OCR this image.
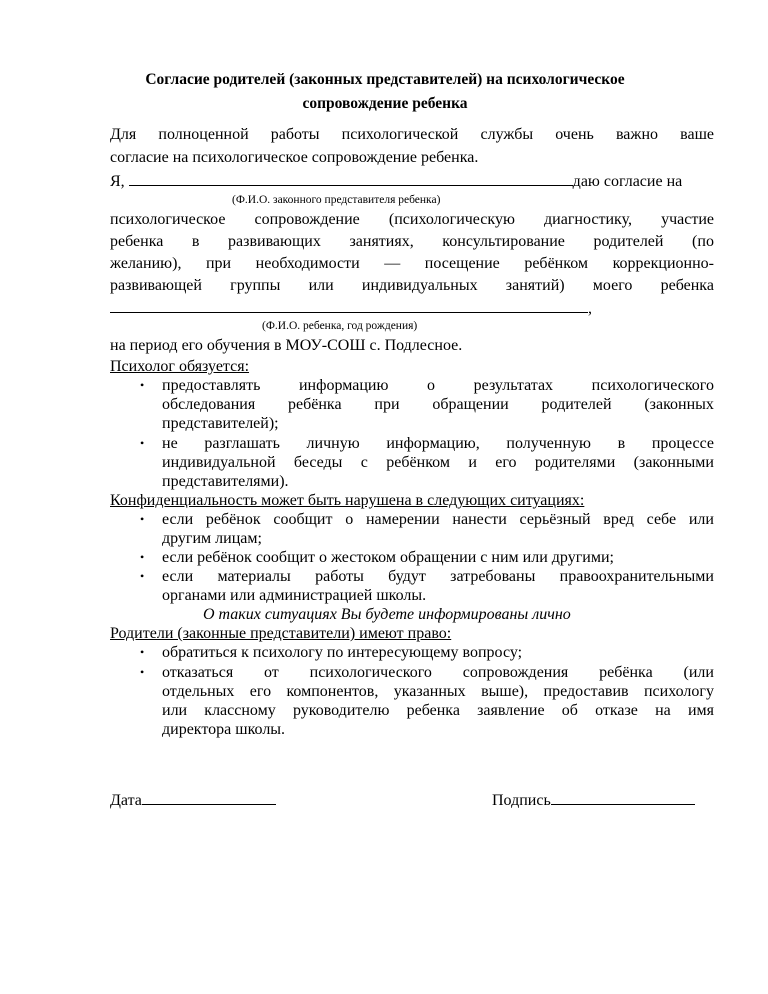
Согласие родителей (законных представителей) на психологическое
сопровождение ребенка
Для полноценной работы психологической службы очень важно ваше
согласие на психологическое сопровождение ребенка.
Я,	даю согласие на
(Ф.И.О. законного представителя ребенка)
психологическое сопровождение (психологическую диагностику, участие
ребенка в развивающих занятиях, консультирование родителей (по
желанию), при необходимости — посещение ребёнком коррекционно-
развивающей группы или индивидуальных занятий) моего ребенка
,
(Ф.И.О. ребенка, год рождения)
на период его обучения в МОУ-СОШ с. Подлесное.
Психолог обязуется:
• предоставлять информацию о результатах психологического
обследования ребёнка при обращении родителей (законных
представителей);
• не разглашать личную информацию, полученную в процессе
индивидуальной беседы с ребёнком и его родителями (законными
представителями).
Конфиденциальность может быть нарушена в следующих ситуациях:
• если ребёнок сообщит о намерении нанести серьёзный вред себе или
другим лицам;
• если ребёнок сообщит о жестоком обращении с ним или другими;
• если материалы работы будут затребованы правоохранительными
органами или администрацией школы.
О таких ситуациях Вы будете информированы лично
Родители (законные представители) имеют право:
• обратиться к психологу по интересующему вопросу;
• отказаться от психологического сопровождения ребёнка (или
отдельных его компонентов, указанных выше), предоставив психологу
или классному руководителю ребенка заявление об отказе на имя
директора школы.
Дата	Подпись
